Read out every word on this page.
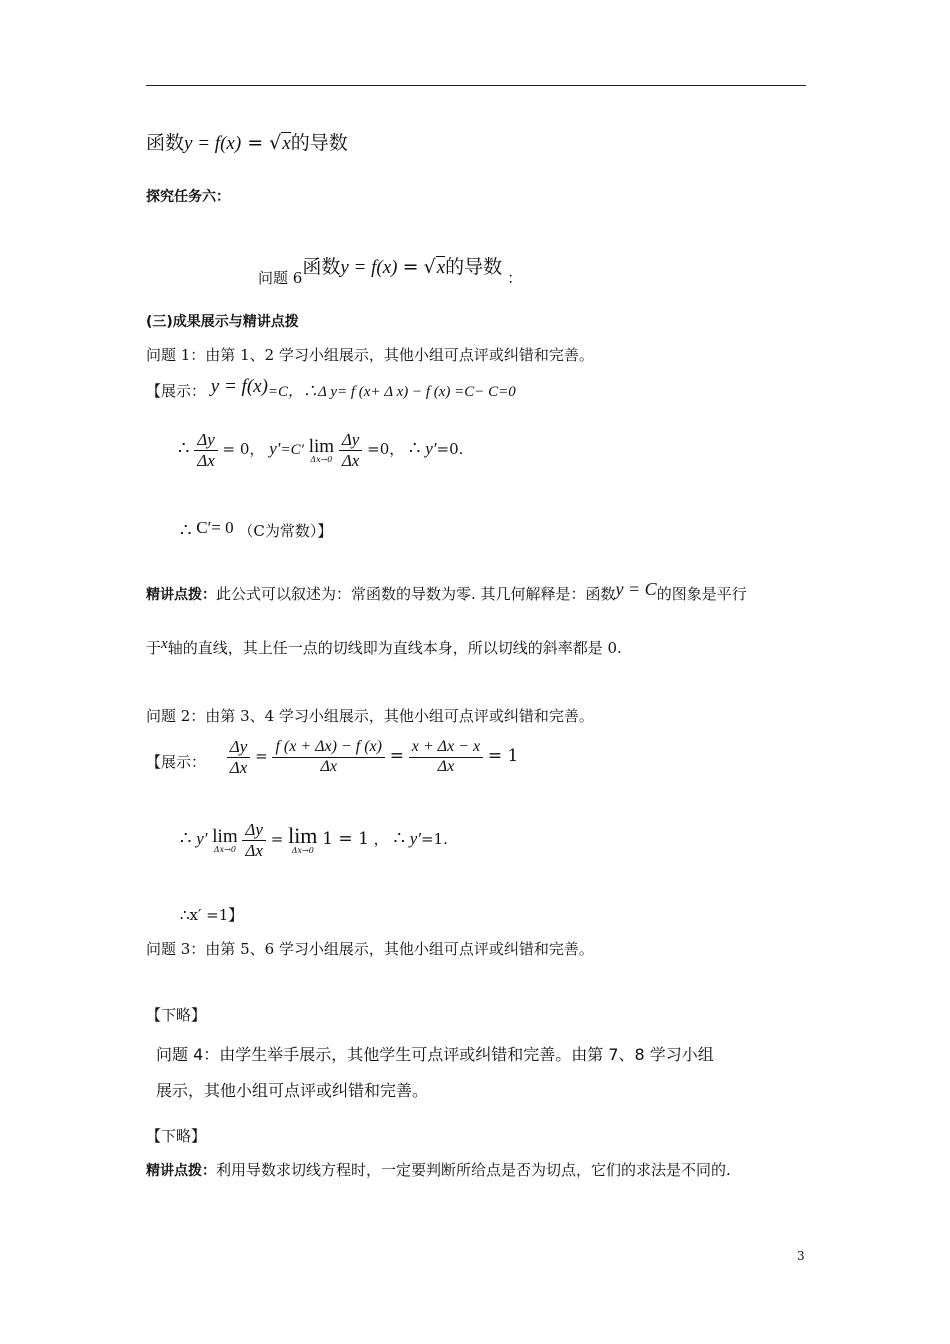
函数y = f(x) = √x的导数
探究任务六：
问题 6函数y = f(x) = √x的导数 ：
(三)成果展示与精讲点拨
问题 1：由第 1、2 学习小组展示，其他小组可点评或纠错和完善。
【展示： y = f(x)=C，∴Δ y= f (x+ Δ x) − f (x) =C− C=0
∴ $\frac{\Delta y}{\Delta x} = 0$， y′=C′ lim
Δx→0
$\frac{\Delta y}{\Delta x} =0$， ∴ y′=0.
∴ C′= 0 （C为常数）】
精讲点拨：此公式可以叙述为：常函数的导数为零. 其几何解释是：函数y = C的图象是平行
于x轴的直线，其上任一点的切线即为直线本身，所以切线的斜率都是 0.
问题 2：由第 3、4 学习小组展示，其他小组可点评或纠错和完善。
【展示： $\frac{\Delta y}{\Delta x} = \frac{f (x + \Delta x) - f (x)}{\Delta x} = \frac{x + \Delta x - x}{\Delta x} = 1$
∴ y′ lim
Δx→0
$\frac{\Delta y}{\Delta x} = \lim$
Δx→0
1 = 1 ， ∴ y′=1.
∴x′ =1】
问题 3：由第 5、6 学习小组展示，其他小组可点评或纠错和完善。
【下略】
问题 4：由学生举手展示，其他学生可点评或纠错和完善。由第 7、8 学习小组
展示，其他小组可点评或纠错和完善。
【下略】
精讲点拨：利用导数求切线方程时，一定要判断所给点是否为切点，它们的求法是不同的.
3
